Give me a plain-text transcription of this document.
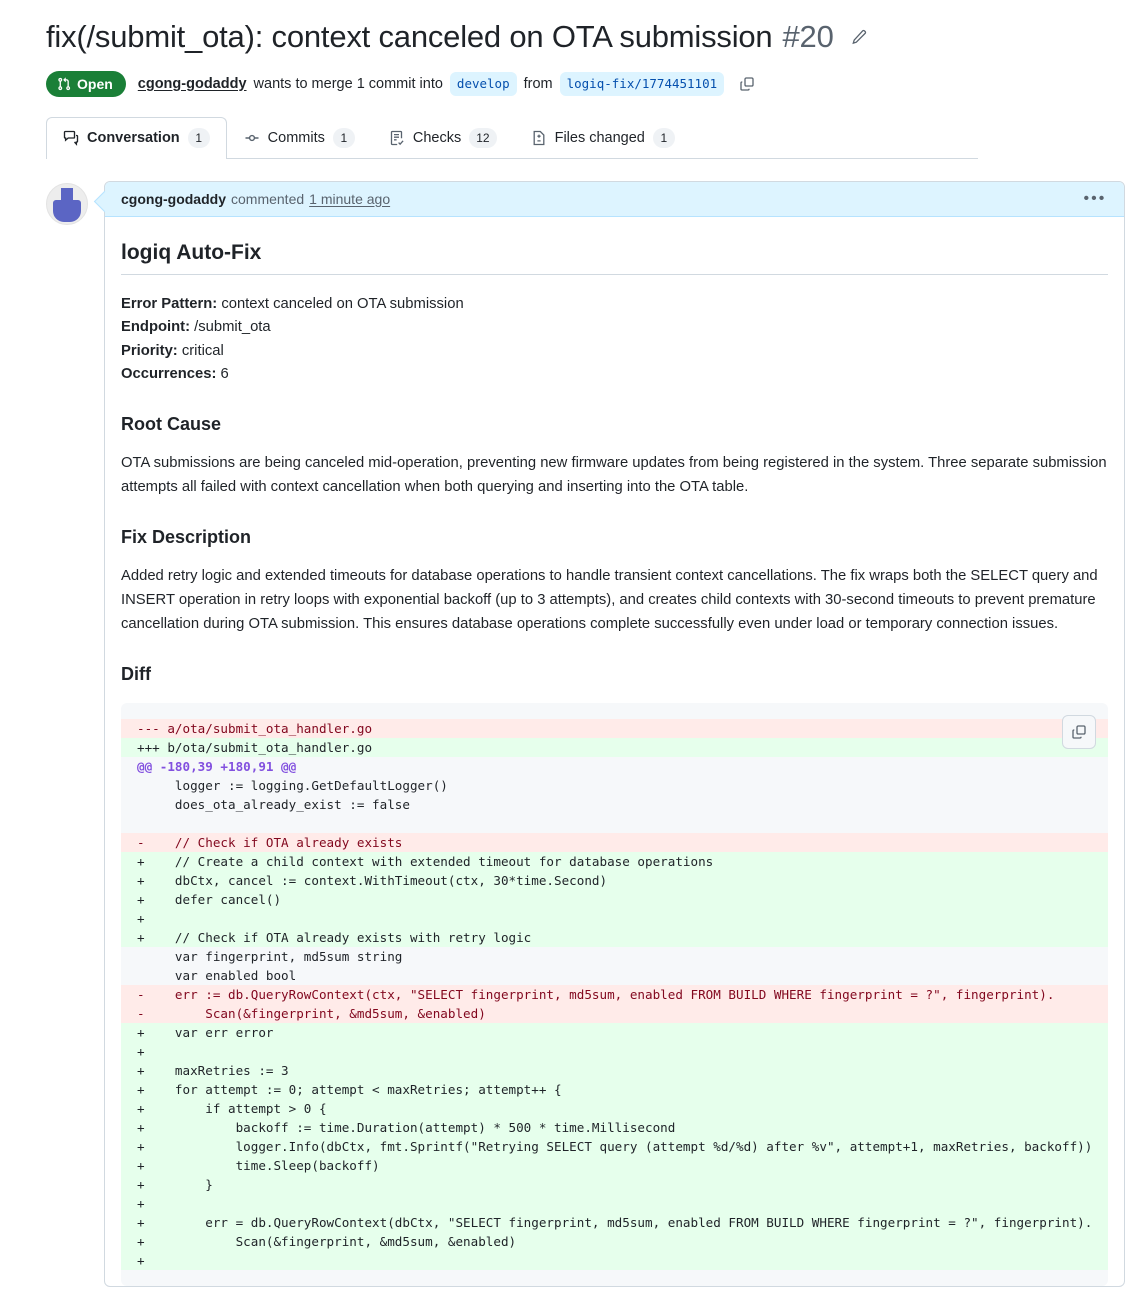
fix(/submit_ota): context canceled on OTA submission #20
Open cgong-godaddy wants to merge 1 commit into	develop from	logiq-fix/1774451101
Conversation	1	Commits	1	Checks	12	Files changed	1
cgong-godaddy commented 1 minute ago	•••
logiq Auto-Fix
Error Pattern: context canceled on OTA submission
Endpoint: /submit_ota
Priority: critical
Occurrences: 6
Root Cause

OTA submissions are being canceled mid-operation, preventing new firmware updates from being registered in the system. Three separate submission attempts all failed with context cancellation when both querying and inserting into the OTA table.

Fix Description

Added retry logic and extended timeouts for database operations to handle transient context cancellations. The fix wraps both the SELECT query and INSERT operation in retry loops with exponential backoff (up to 3 attempts), and creates child contexts with 30-second timeouts to prevent premature cancellation during OTA submission. This ensures database operations complete successfully even under load or temporary connection issues.

Diff
--- a/ota/submit_ota_handler.go
+++ b/ota/submit_ota_handler.go
@@ -180,39 +180,91 @@
logger := logging.GetDefaultLogger()
does_ota_already_exist := false

-    // Check if OTA already exists
+    // Create a child context with extended timeout for database operations
+    dbCtx, cancel := context.WithTimeout(ctx, 30*time.Second)
+    defer cancel()
+
+    // Check if OTA already exists with retry logic
var fingerprint, md5sum string
var enabled bool
-    err := db.QueryRowContext(ctx, "SELECT fingerprint, md5sum, enabled FROM BUILD WHERE fingerprint = ?", fingerprint).
-        Scan(&fingerprint, &md5sum, &enabled)
+    var err error
+
+    maxRetries := 3
+    for attempt := 0; attempt < maxRetries; attempt++ {
+        if attempt > 0 {
+            backoff := time.Duration(attempt) * 500 * time.Millisecond
+            logger.Info(dbCtx, fmt.Sprintf("Retrying SELECT query (attempt %d/%d) after %v", attempt+1, maxRetries, backoff))
+            time.Sleep(backoff)
+        }
+
+        err = db.QueryRowContext(dbCtx, "SELECT fingerprint, md5sum, enabled FROM BUILD WHERE fingerprint = ?", fingerprint).
+            Scan(&fingerprint, &md5sum, &enabled)
+
